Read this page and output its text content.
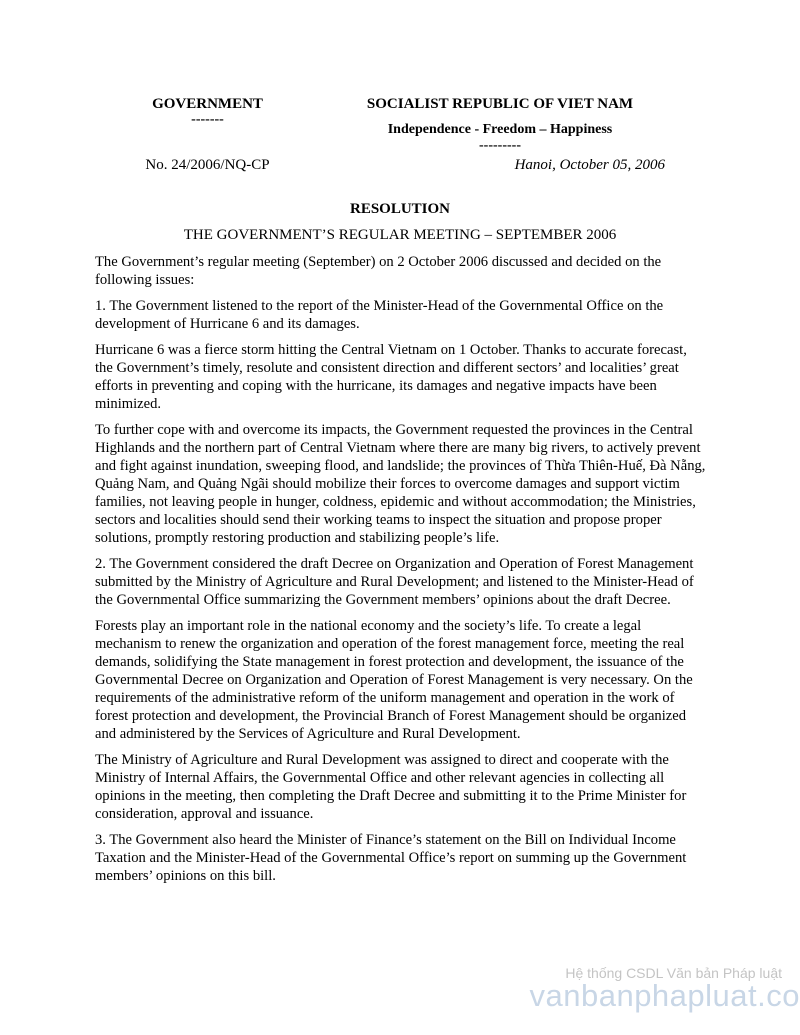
GOVERNMENT
-------
SOCIALIST REPUBLIC OF VIET NAM
Independence - Freedom – Happiness
---------
No. 24/2006/NQ-CP	Hanoi, October 05, 2006
RESOLUTION
THE GOVERNMENT’S REGULAR MEETING – SEPTEMBER 2006

The Government’s regular meeting (September) on 2 October 2006 discussed and decided on the following issues:

1. The Government listened to the report of the Minister-Head of the Governmental Office on the development of Hurricane 6 and its damages.

Hurricane 6 was a fierce storm hitting the Central Vietnam on 1 October. Thanks to accurate forecast, the Government’s timely, resolute and consistent direction and different sectors’ and localities’ great efforts in preventing and coping with the hurricane, its damages and negative impacts have been minimized.

To further cope with and overcome its impacts, the Government requested the provinces in the Central Highlands and the northern part of Central Vietnam where there are many big rivers, to actively prevent and fight against inundation, sweeping flood, and landslide; the provinces of Thừa Thiên-Huế, Đà Nẵng, Quảng Nam, and Quảng Ngãi should mobilize their forces to overcome damages and support victim families, not leaving people in hunger, coldness, epidemic and without accommodation; the Ministries, sectors and localities should send their working teams to inspect the situation and propose proper solutions, promptly restoring production and stabilizing people’s life.

2. The Government considered the draft Decree on Organization and Operation of Forest Management submitted by the Ministry of Agriculture and Rural Development; and listened to the Minister-Head of the Governmental Office summarizing the Government members’ opinions about the draft Decree.

Forests play an important role in the national economy and the society’s life. To create a legal mechanism to renew the organization and operation of the forest management force, meeting the real demands, solidifying the State management in forest protection and development, the issuance of the Governmental Decree on Organization and Operation of Forest Management is very necessary. On the requirements of the administrative reform of the uniform management and operation in the work of forest protection and development, the Provincial Branch of Forest Management should be organized and administered by the Services of Agriculture and Rural Development.

The Ministry of Agriculture and Rural Development was assigned to direct and cooperate with the Ministry of Internal Affairs, the Governmental Office and other relevant agencies in collecting all opinions in the meeting, then completing the Draft Decree and submitting it to the Prime Minister for consideration, approval and issuance.

3. The Government also heard the Minister of Finance’s statement on the Bill on Individual Income Taxation and the Minister-Head of the Governmental Office’s report on summing up the Government members’ opinions on this bill.

Hệ thống CSDL Văn bản Pháp luật
vanbanphapluat.co
